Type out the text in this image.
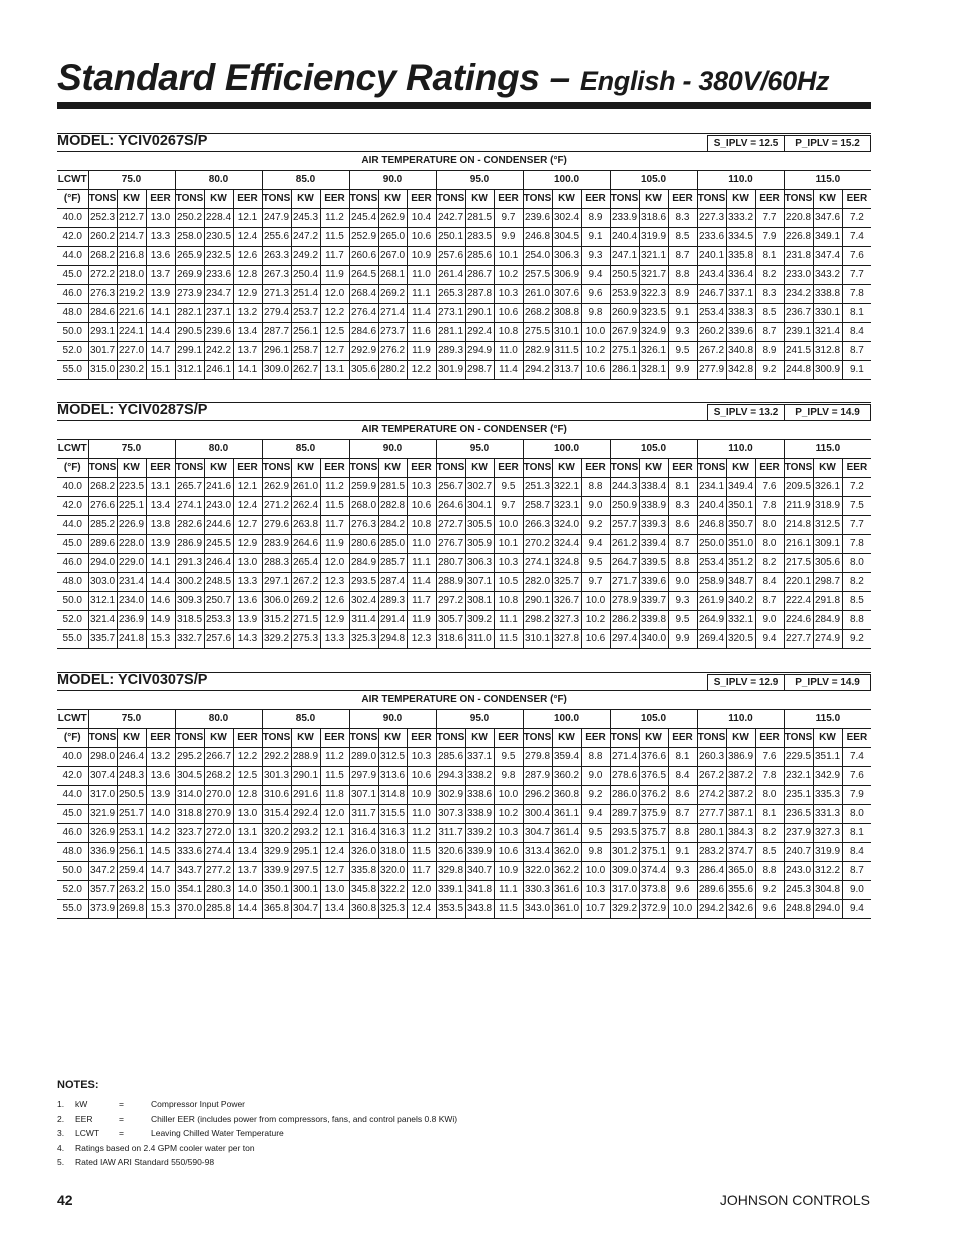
Standard Efficiency Ratings – English - 380V/60Hz
MODEL: YCIV0267S/P	S_IPLV = 12.5	P_IPLV = 15.2
AIR TEMPERATURE ON - CONDENSER (°F)																											
LCWT	75.0			80.0			85.0			90.0			95.0			100.0			105.0			110.0			115.0		
(°F)	TONS	KW	EER	TONS	KW	EER	TONS	KW	EER	TONS	KW	EER	TONS	KW	EER	TONS	KW	EER	TONS	KW	EER	TONS	KW	EER	TONS	KW	EER
40.0	252.3	212.7	13.0	250.2	228.4	12.1	247.9	245.3	11.2	245.4	262.9	10.4	242.7	281.5	9.7	239.6	302.4	8.9	233.9	318.6	8.3	227.3	333.2	7.7	220.8	347.6	7.2
42.0	260.2	214.7	13.3	258.0	230.5	12.4	255.6	247.2	11.5	252.9	265.0	10.6	250.1	283.5	9.9	246.8	304.5	9.1	240.4	319.9	8.5	233.6	334.5	7.9	226.8	349.1	7.4
44.0	268.2	216.8	13.6	265.9	232.5	12.6	263.3	249.2	11.7	260.6	267.0	10.9	257.6	285.6	10.1	254.0	306.3	9.3	247.1	321.1	8.7	240.1	335.8	8.1	231.8	347.4	7.6
45.0	272.2	218.0	13.7	269.9	233.6	12.8	267.3	250.4	11.9	264.5	268.1	11.0	261.4	286.7	10.2	257.5	306.9	9.4	250.5	321.7	8.8	243.4	336.4	8.2	233.0	343.2	7.7
46.0	276.3	219.2	13.9	273.9	234.7	12.9	271.3	251.4	12.0	268.4	269.2	11.1	265.3	287.8	10.3	261.0	307.6	9.6	253.9	322.3	8.9	246.7	337.1	8.3	234.2	338.8	7.8
48.0	284.6	221.6	14.1	282.1	237.1	13.2	279.4	253.7	12.2	276.4	271.4	11.4	273.1	290.1	10.6	268.2	308.8	9.8	260.9	323.5	9.1	253.4	338.3	8.5	236.7	330.1	8.1
50.0	293.1	224.1	14.4	290.5	239.6	13.4	287.7	256.1	12.5	284.6	273.7	11.6	281.1	292.4	10.8	275.5	310.1	10.0	267.9	324.9	9.3	260.2	339.6	8.7	239.1	321.4	8.4
52.0	301.7	227.0	14.7	299.1	242.2	13.7	296.1	258.7	12.7	292.9	276.2	11.9	289.3	294.9	11.0	282.9	311.5	10.2	275.1	326.1	9.5	267.2	340.8	8.9	241.5	312.8	8.7
55.0	315.0	230.2	15.1	312.1	246.1	14.1	309.0	262.7	13.1	305.6	280.2	12.2	301.9	298.7	11.4	294.2	313.7	10.6	286.1	328.1	9.9	277.9	342.8	9.2	244.8	300.9	9.1
MODEL: YCIV0287S/P	S_IPLV = 13.2	P_IPLV = 14.9
AIR TEMPERATURE ON - CONDENSER (°F)																											
LCWT	75.0			80.0			85.0			90.0			95.0			100.0			105.0			110.0			115.0		
(°F)	TONS	KW	EER	TONS	KW	EER	TONS	KW	EER	TONS	KW	EER	TONS	KW	EER	TONS	KW	EER	TONS	KW	EER	TONS	KW	EER	TONS	KW	EER
40.0	268.2	223.5	13.1	265.7	241.6	12.1	262.9	261.0	11.2	259.9	281.5	10.3	256.7	302.7	9.5	251.3	322.1	8.8	244.3	338.4	8.1	234.1	349.4	7.6	209.5	326.1	7.2
42.0	276.6	225.1	13.4	274.1	243.0	12.4	271.2	262.4	11.5	268.0	282.8	10.6	264.6	304.1	9.7	258.7	323.1	9.0	250.9	338.9	8.3	240.4	350.1	7.8	211.9	318.9	7.5
44.0	285.2	226.9	13.8	282.6	244.6	12.7	279.6	263.8	11.7	276.3	284.2	10.8	272.7	305.5	10.0	266.3	324.0	9.2	257.7	339.3	8.6	246.8	350.7	8.0	214.8	312.5	7.7
45.0	289.6	228.0	13.9	286.9	245.5	12.9	283.9	264.6	11.9	280.6	285.0	11.0	276.7	305.9	10.1	270.2	324.4	9.4	261.2	339.4	8.7	250.0	351.0	8.0	216.1	309.1	7.8
46.0	294.0	229.0	14.1	291.3	246.4	13.0	288.3	265.4	12.0	284.9	285.7	11.1	280.7	306.3	10.3	274.1	324.8	9.5	264.7	339.5	8.8	253.4	351.2	8.2	217.5	305.6	8.0
48.0	303.0	231.4	14.4	300.2	248.5	13.3	297.1	267.2	12.3	293.5	287.4	11.4	288.9	307.1	10.5	282.0	325.7	9.7	271.7	339.6	9.0	258.9	348.7	8.4	220.1	298.7	8.2
50.0	312.1	234.0	14.6	309.3	250.7	13.6	306.0	269.2	12.6	302.4	289.3	11.7	297.2	308.1	10.8	290.1	326.7	10.0	278.9	339.7	9.3	261.9	340.2	8.7	222.4	291.8	8.5
52.0	321.4	236.9	14.9	318.5	253.3	13.9	315.2	271.5	12.9	311.4	291.4	11.9	305.7	309.2	11.1	298.2	327.3	10.2	286.2	339.8	9.5	264.9	332.1	9.0	224.6	284.9	8.8
55.0	335.7	241.8	15.3	332.7	257.6	14.3	329.2	275.3	13.3	325.3	294.8	12.3	318.6	311.0	11.5	310.1	327.8	10.6	297.4	340.0	9.9	269.4	320.5	9.4	227.7	274.9	9.2
MODEL: YCIV0307S/P	S_IPLV = 12.9	P_IPLV = 14.9
AIR TEMPERATURE ON - CONDENSER (°F)																											
LCWT	75.0			80.0			85.0			90.0			95.0			100.0			105.0			110.0			115.0		
(°F)	TONS	KW	EER	TONS	KW	EER	TONS	KW	EER	TONS	KW	EER	TONS	KW	EER	TONS	KW	EER	TONS	KW	EER	TONS	KW	EER	TONS	KW	EER
40.0	298.0	246.4	13.2	295.2	266.7	12.2	292.2	288.9	11.2	289.0	312.5	10.3	285.6	337.1	9.5	279.8	359.4	8.8	271.4	376.6	8.1	260.3	386.9	7.6	229.5	351.1	7.4
42.0	307.4	248.3	13.6	304.5	268.2	12.5	301.3	290.1	11.5	297.9	313.6	10.6	294.3	338.2	9.8	287.9	360.2	9.0	278.6	376.5	8.4	267.2	387.2	7.8	232.1	342.9	7.6
44.0	317.0	250.5	13.9	314.0	270.0	12.8	310.6	291.6	11.8	307.1	314.8	10.9	302.9	338.6	10.0	296.2	360.8	9.2	286.0	376.2	8.6	274.2	387.2	8.0	235.1	335.3	7.9
45.0	321.9	251.7	14.0	318.8	270.9	13.0	315.4	292.4	12.0	311.7	315.5	11.0	307.3	338.9	10.2	300.4	361.1	9.4	289.7	375.9	8.7	277.7	387.1	8.1	236.5	331.3	8.0
46.0	326.9	253.1	14.2	323.7	272.0	13.1	320.2	293.2	12.1	316.4	316.3	11.2	311.7	339.2	10.3	304.7	361.4	9.5	293.5	375.7	8.8	280.1	384.3	8.2	237.9	327.3	8.1
48.0	336.9	256.1	14.5	333.6	274.4	13.4	329.9	295.1	12.4	326.0	318.0	11.5	320.6	339.9	10.6	313.4	362.0	9.8	301.2	375.1	9.1	283.2	374.7	8.5	240.7	319.9	8.4
50.0	347.2	259.4	14.7	343.7	277.2	13.7	339.9	297.5	12.7	335.8	320.0	11.7	329.8	340.7	10.9	322.0	362.2	10.0	309.0	374.4	9.3	286.4	365.0	8.8	243.0	312.2	8.7
52.0	357.7	263.2	15.0	354.1	280.3	14.0	350.1	300.1	13.0	345.8	322.2	12.0	339.1	341.8	11.1	330.3	361.6	10.3	317.0	373.8	9.6	289.6	355.6	9.2	245.3	304.8	9.0
55.0	373.9	269.8	15.3	370.0	285.8	14.4	365.8	304.7	13.4	360.8	325.3	12.4	353.5	343.8	11.5	343.0	361.0	10.7	329.2	372.9	10.0	294.2	342.6	9.6	248.8	294.0	9.4
NOTES:
1.	kW	=	Compressor Input Power
2.	EER	=	Chiller EER (includes power from compressors, fans, and control panels 0.8 KWi)
3.	LCWT	=	Leaving Chilled Water Temperature
4.	Ratings based on 2.4 GPM cooler water per ton
5.	Rated IAW ARI Standard 550/590-98
42	JOHNSON CONTROLS
